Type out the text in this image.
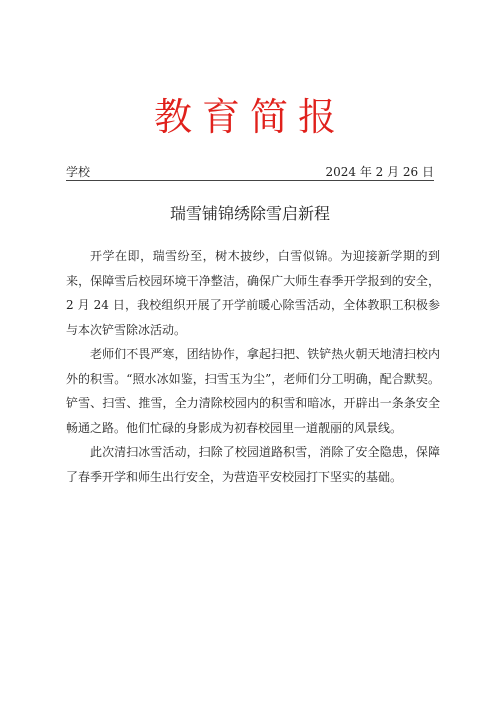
教育简报
学校	2024 年 2 月 26 日
瑞雪铺锦绣除雪启新程

开学在即，瑞雪纷至，树木披纱，白雪似锦。为迎接新学期的到来，保障雪后校园环境干净整洁，确保广大师生春季开学报到的安全，2 月 24 日，我校组织开展了开学前暖心除雪活动，全体教职工积极参与本次铲雪除冰活动。

老师们不畏严寒，团结协作，拿起扫把、铁铲热火朝天地清扫校内外的积雪。“照水冰如鉴，扫雪玉为尘”，老师们分工明确，配合默契。铲雪、扫雪、推雪，全力清除校园内的积雪和暗冰，开辟出一条条安全畅通之路。他们忙碌的身影成为初春校园里一道靓丽的风景线。

此次清扫冰雪活动，扫除了校园道路积雪，消除了安全隐患，保障了春季开学和师生出行安全，为营造平安校园打下坚实的基础。
